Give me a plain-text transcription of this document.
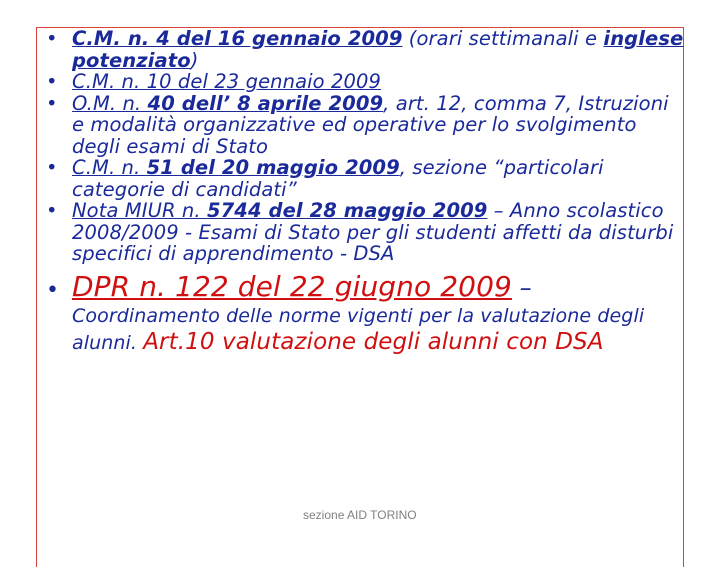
• C.M. n. 4 del 16 gennaio 2009 (orari settimanali e inglese potenziato)
• C.M. n. 10 del 23 gennaio 2009
• O.M. n. 40 dell’ 8 aprile 2009, art. 12, comma 7, Istruzioni e modalità organizzative ed operative per lo svolgimento degli esami di Stato
• C.M. n. 51 del 20 maggio 2009, sezione “particolari categorie di candidati”
• Nota MIUR n. 5744 del 28 maggio 2009 – Anno scolastico 2008/2009 - Esami di Stato per gli studenti affetti da disturbi specifici di apprendimento - DSA
• DPR n. 122 del 22 giugno 2009 –
Coordinamento delle norme vigenti per la valutazione degli alunni. Art.10 valutazione degli alunni con DSA
sezione AID TORINO
